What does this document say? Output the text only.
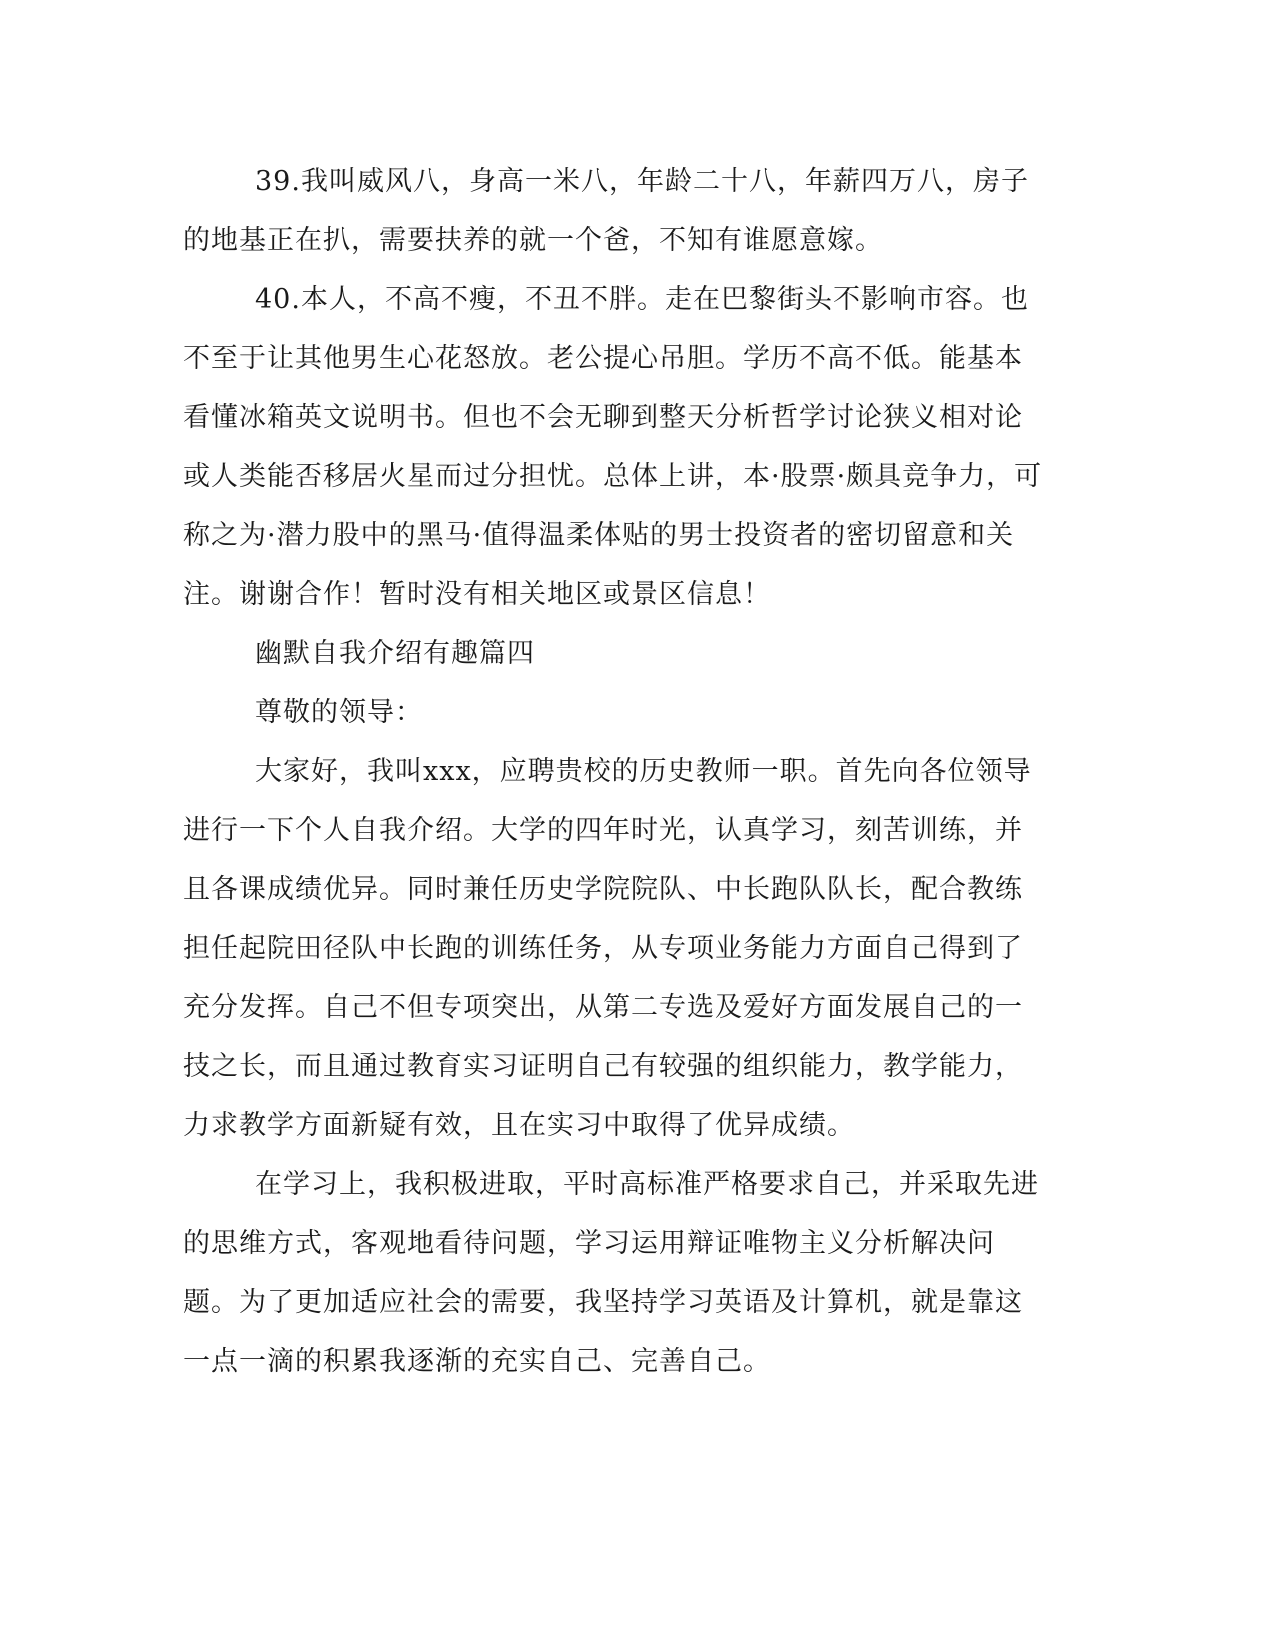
39.我叫威风八，身高一米八，年龄二十八，年薪四万八，房子的地基正在扒，需要扶养的就一个爸，不知有谁愿意嫁。

40.本人，不高不瘦，不丑不胖。走在巴黎街头不影响市容。也不至于让其他男生心花怒放。老公提心吊胆。学历不高不低。能基本看懂冰箱英文说明书。但也不会无聊到整天分析哲学讨论狭义相对论或人类能否移居火星而过分担忧。总体上讲，本·股票·颇具竞争力，可称之为·潜力股中的黑马·值得温柔体贴的男士投资者的密切留意和关注。谢谢合作！暂时没有相关地区或景区信息！

幽默自我介绍有趣篇四

尊敬的领导：

大家好，我叫xxx，应聘贵校的历史教师一职。首先向各位领导进行一下个人自我介绍。大学的四年时光，认真学习，刻苦训练，并且各课成绩优异。同时兼任历史学院院队、中长跑队队长，配合教练担任起院田径队中长跑的训练任务，从专项业务能力方面自己得到了充分发挥。自己不但专项突出，从第二专选及爱好方面发展自己的一技之长，而且通过教育实习证明自己有较强的组织能力，教学能力，力求教学方面新疑有效，且在实习中取得了优异成绩。

在学习上，我积极进取，平时高标准严格要求自己，并采取先进的思维方式，客观地看待问题，学习运用辩证唯物主义分析解决问题。为了更加适应社会的需要，我坚持学习英语及计算机，就是靠这一点一滴的积累我逐渐的充实自己、完善自己。
